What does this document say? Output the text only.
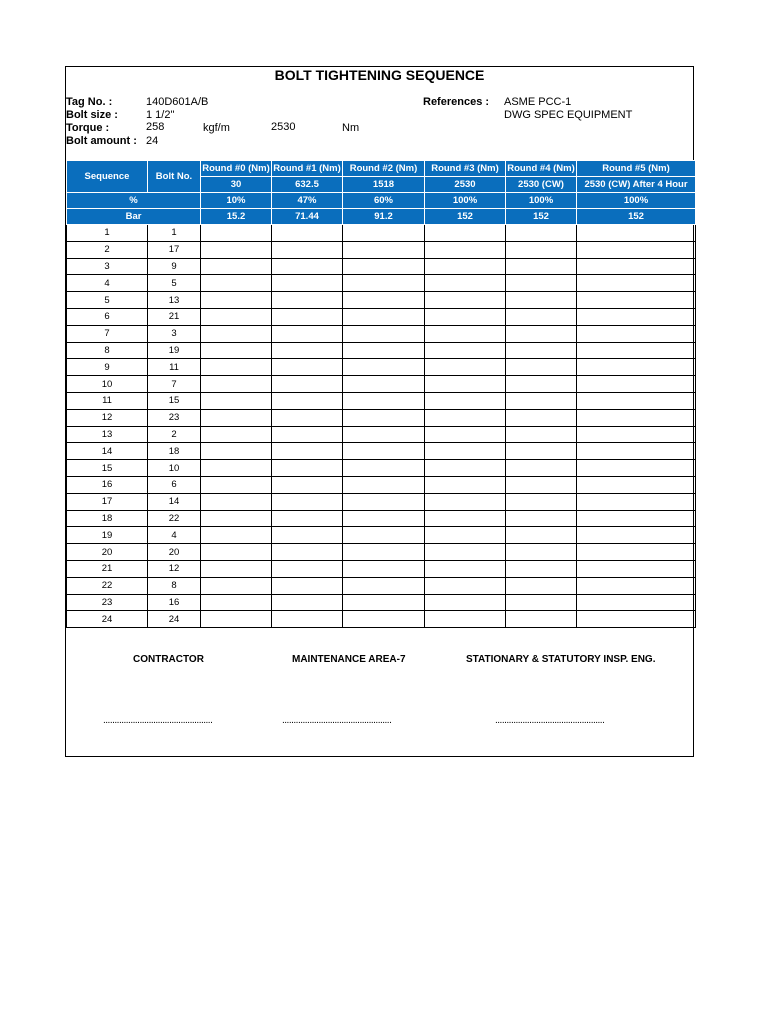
BOLT TIGHTENING SEQUENCE
Tag No. :	140D601A/B
Bolt size :	1 1/2"
Torque :	258	kgf/m	2530	Nm
Bolt amount : 24
References : ASME PCC-1
DWG SPEC EQUIPMENT
Sequence	Bolt No.	Round #0 (Nm)	Round #1 (Nm)	Round #2 (Nm)	Round #3 (Nm)	Round #4 (Nm)	Round #5 (Nm)
		30	632.5	1518	2530	2530 (CW)	2530 (CW) After 4 Hour
%		10%	47%	60%	100%	100%	100%
Bar		15.2	71.44	91.2	152	152	152
1	1						
2	17						
3	9						
4	5						
5	13						
6	21						
7	3						
8	19						
9	11						
10	7						
11	15						
12	23						
13	2						
14	18						
15	10						
16	6						
17	14						
18	22						
19	4						
20	20						
21	12						
22	8						
23	16						
24	24						
CONTRACTOR	MAINTENANCE AREA-7	STATIONARY & STATUTORY INSP. ENG.
................................................	................................................	................................................
